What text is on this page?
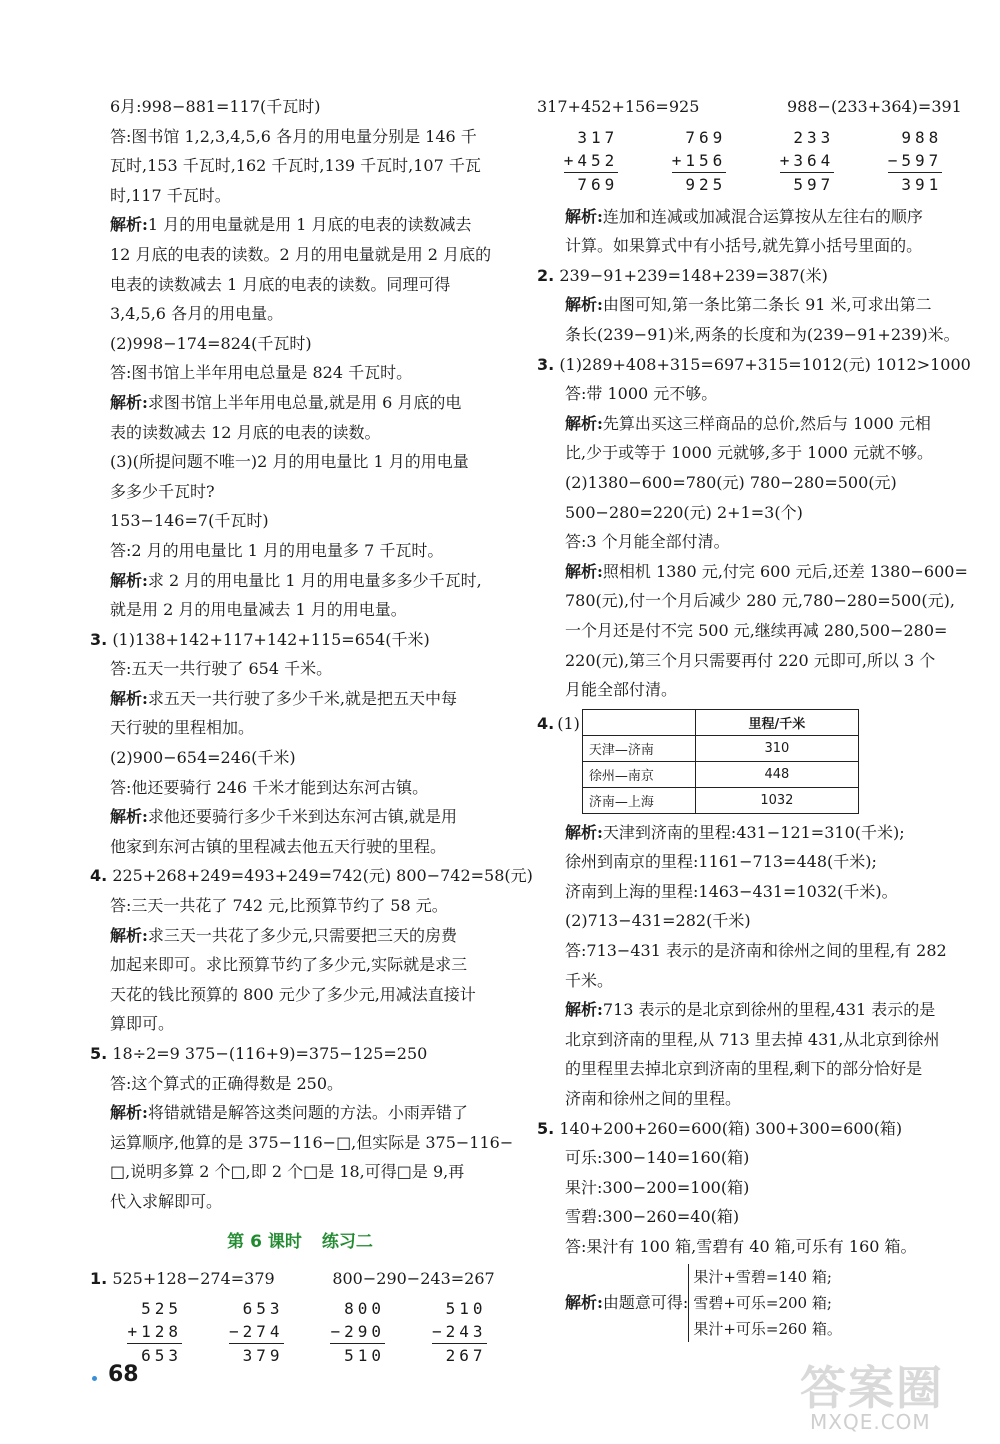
6月:998−881=117(千瓦时)
答:图书馆 1,2,3,4,5,6 各月的用电量分别是 146 千
瓦时,153 千瓦时,162 千瓦时,139 千瓦时,107 千瓦
时,117 千瓦时。
解析:1 月的用电量就是用 1 月底的电表的读数减去
12 月底的电表的读数。2 月的用电量就是用 2 月底的
电表的读数减去 1 月底的电表的读数。同理可得
3,4,5,6 各月的用电量。
(2)998−174=824(千瓦时)
答:图书馆上半年用电总量是 824 千瓦时。
解析:求图书馆上半年用电总量,就是用 6 月底的电
表的读数减去 12 月底的电表的读数。
(3)(所提问题不唯一)2 月的用电量比 1 月的用电量
多多少千瓦时?
153−146=7(千瓦时)
答:2 月的用电量比 1 月的用电量多 7 千瓦时。
解析:求 2 月的用电量比 1 月的用电量多多少千瓦时,
就是用 2 月的用电量减去 1 月的用电量。
3. (1)138+142+117+142+115=654(千米)
答:五天一共行驶了 654 千米。
解析:求五天一共行驶了多少千米,就是把五天中每
天行驶的里程相加。
(2)900−654=246(千米)
答:他还要骑行 246 千米才能到达东河古镇。
解析:求他还要骑行多少千米到达东河古镇,就是用
他家到东河古镇的里程减去他五天行驶的里程。
4. 225+268+249=493+249=742(元) 800−742=58(元)
答:三天一共花了 742 元,比预算节约了 58 元。
解析:求三天一共花了多少元,只需要把三天的房费
加起来即可。求比预算节约了多少元,实际就是求三
天花的钱比预算的 800 元少了多少元,用减法直接计
算即可。
5. 18÷2=9 375−(116+9)=375−125=250
答:这个算式的正确得数是 250。
解析:将错就错是解答这类问题的方法。小雨弄错了
运算顺序,他算的是 375−116−□,但实际是 375−116−
□,说明多算 2 个□,即 2 个□是 18,可得□是 9,再
代入求解即可。
第 6 课时 练习二
1.
525+128−274=379	800−290−243=267
525
+128
653
653
−274
379
800
−290
510
510
−243
267
317+452+156=925	988−(233+364)=391
317
+452
769
769
+156
925
233
+364
597
988
−597
391
解析:连加和连减或加减混合运算按从左往右的顺序
计算。如果算式中有小括号,就先算小括号里面的。
2. 239−91+239=148+239=387(米)
解析:由图可知,第一条比第二条长 91 米,可求出第二
条长(239−91)米,两条的长度和为(239−91+239)米。
3. (1)289+408+315=697+315=1012(元) 1012>1000
答:带 1000 元不够。
解析:先算出买这三样商品的总价,然后与 1000 元相
比,少于或等于 1000 元就够,多于 1000 元就不够。
(2)1380−600=780(元) 780−280=500(元)
500−280=220(元) 2+1=3(个)
答:3 个月能全部付清。
解析:照相机 1380 元,付完 600 元后,还差 1380−600=
780(元),付一个月后减少 280 元,780−280=500(元),
一个月还是付不完 500 元,继续再减 280,500−280=
220(元),第三个月只需要再付 220 元即可,所以 3 个
月能全部付清。
4. (1)
		里程/千米
天津—济南	310
徐州—南京	448
济南—上海	1032
解析:天津到济南的里程:431−121=310(千米);
徐州到南京的里程:1161−713=448(千米);
济南到上海的里程:1463−431=1032(千米)。
(2)713−431=282(千米)
答:713−431 表示的是济南和徐州之间的里程,有 282
千米。
解析:713 表示的是北京到徐州的里程,431 表示的是
北京到济南的里程,从 713 里去掉 431,从北京到徐州
的里程里去掉北京到济南的里程,剩下的部分恰好是
济南和徐州之间的里程。
5. 140+200+260=600(箱) 300+300=600(箱)
可乐:300−140=160(箱)
果汁:300−200=100(箱)
雪碧:300−260=40(箱)
答:果汁有 100 箱,雪碧有 40 箱,可乐有 160 箱。
解析:由题意可得:
果汁+雪碧=140 箱;
雪碧+可乐=200 箱;
果汁+可乐=260 箱。
68	答案圈
MXQE.COM
